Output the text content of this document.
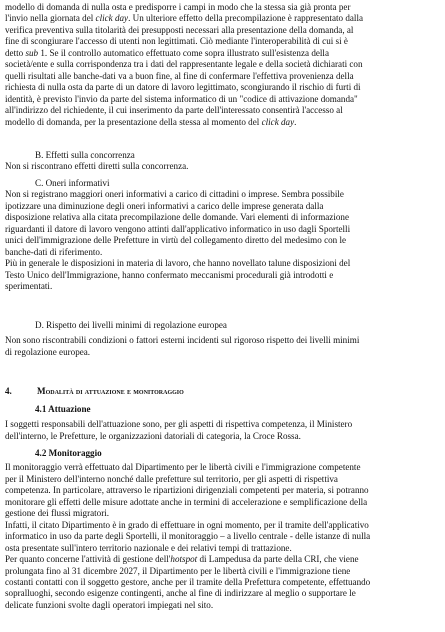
modello di domanda di nulla osta e predisporre i campi in modo che la stessa sia già pronta per

l'invio nella giornata del click day. Un ulteriore effetto della precompilazione è rappresentato dalla

verifica preventiva sulla titolarità dei presupposti necessari alla presentazione della domanda, al

fine di scongiurare l'accesso di utenti non legittimati. Ciò mediante l'interoperabilità di cui si è

detto sub 1. Se il controllo automatico effettuato come sopra illustrato sull'esistenza della

società/ente e sulla corrispondenza tra i dati del rappresentante legale e della società dichiarati con

quelli risultati alle banche-dati va a buon fine, al fine di confermare l'effettiva provenienza della

richiesta di nulla osta da parte di un datore di lavoro legittimato, scongiurando il rischio di furti di

identità, è previsto l'invio da parte del sistema informatico di un "codice di attivazione domanda"

all'indirizzo del richiedente, il cui inserimento da parte dell'interessato consentirà l'accesso al

modello di domanda, per la presentazione della stessa al momento del click day.

B. Effetti sulla concorrenza

Non si riscontrano effetti diretti sulla concorrenza.

C. Oneri informativi

Non si registrano maggiori oneri informativi a carico di cittadini o imprese. Sembra possibile

ipotizzare una diminuzione degli oneri informativi a carico delle imprese generata dalla

disposizione relativa alla citata precompilazione delle domande. Vari elementi di informazione

riguardanti il datore di lavoro vengono attinti dall'applicativo informatico in uso dagli Sportelli

unici dell'immigrazione delle Prefetture in virtù del collegamento diretto del medesimo con le

banche-dati di riferimento.

Più in generale le disposizioni in materia di lavoro, che hanno novellato talune disposizioni del

Testo Unico dell'Immigrazione, hanno confermato meccanismi procedurali già introdotti e

sperimentati.

D. Rispetto dei livelli minimi di regolazione europea

Non sono riscontrabili condizioni o fattori esterni incidenti sul rigoroso rispetto dei livelli minimi

di regolazione europea.

4.	Modalità di attuazione e monitoraggio

4.1 Attuazione

I soggetti responsabili dell'attuazione sono, per gli aspetti di rispettiva competenza, il Ministero

dell'interno, le Prefetture, le organizzazioni datoriali di categoria, la Croce Rossa.

4.2 Monitoraggio

Il monitoraggio verrà effettuato dal Dipartimento per le libertà civili e l'immigrazione competente

per il Ministero dell'interno nonché dalle prefetture sul territorio, per gli aspetti di rispettiva

competenza. In particolare, attraverso le ripartizioni dirigenziali competenti per materia, si potranno

monitorare gli effetti delle misure adottate anche in termini di accelerazione e semplificazione della

gestione dei flussi migratori.

Infatti, il citato Dipartimento è in grado di effettuare in ogni momento, per il tramite dell'applicativo

informatico in uso da parte degli Sportelli, il monitoraggio – a livello centrale - delle istanze di nulla

osta presentate sull'intero territorio nazionale e dei relativi tempi di trattazione.

Per quanto concerne l'attività di gestione dell'hotspot di Lampedusa da parte della CRI, che viene

prolungata fino al 31 dicembre 2027, il Dipartimento per le libertà civili e l'immigrazione tiene

costanti contatti con il soggetto gestore, anche per il tramite della Prefettura competente, effettuando

sopralluoghi, secondo esigenze contingenti, anche al fine di indirizzare al meglio o supportare le

delicate funzioni svolte dagli operatori impiegati nel sito.
